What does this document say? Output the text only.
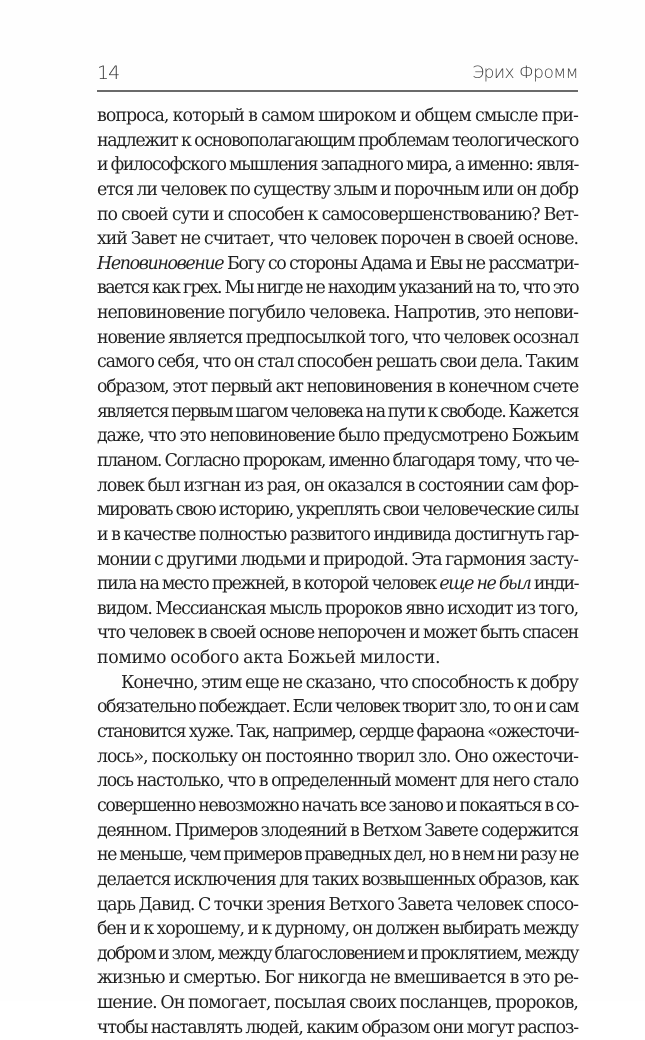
14	Эрих Фромм
вопроса, который в самом широком и общем смысле при-
надлежит к основополагающим проблемам теологического
и философского мышления западного мира, а именно: явля-
ется ли человек по существу злым и порочным или он добр
по своей сути и способен к самосовершенствованию? Вет-
хий Завет не считает, что человек порочен в своей основе.
Неповиновение Богу со стороны Адама и Евы не рассматри-
вается как грех. Мы нигде не находим указаний на то, что это
неповиновение погубило человека. Напротив, это непови-
новение является предпосылкой того, что человек осознал
самого себя, что он стал способен решать свои дела. Таким
образом, этот первый акт неповиновения в конечном счете
является первым шагом человека на пути к свободе. Кажется
даже, что это неповиновение было предусмотрено Божьим
планом. Согласно пророкам, именно благодаря тому, что че-
ловек был изгнан из рая, он оказался в состоянии сам фор-
мировать свою историю, укреплять свои человеческие силы
и в качестве полностью развитого индивида достигнуть гар-
монии с другими людьми и природой. Эта гармония засту-
пила на место прежней, в которой человек еще не был инди-
видом. Мессианская мысль пророков явно исходит из того,
что человек в своей основе непорочен и может быть спасен
помимо особого акта Божьей милости.
Конечно, этим еще не сказано, что способность к добру
обязательно побеждает. Если человек творит зло, то он и сам
становится хуже. Так, например, сердце фараона «ожесточи-
лось», поскольку он постоянно творил зло. Оно ожесточи-
лось настолько, что в определенный момент для него стало
совершенно невозможно начать все заново и покаяться в со-
деянном. Примеров злодеяний в Ветхом Завете содержится
не меньше, чем примеров праведных дел, но в нем ни разу не
делается исключения для таких возвышенных образов, как
царь Давид. С точки зрения Ветхого Завета человек спосо-
бен и к хорошему, и к дурному, он должен выбирать между
добром и злом, между благословением и проклятием, между
жизнью и смертью. Бог никогда не вмешивается в это ре-
шение. Он помогает, посылая своих посланцев, пророков,
чтобы наставлять людей, каким образом они могут распоз-
